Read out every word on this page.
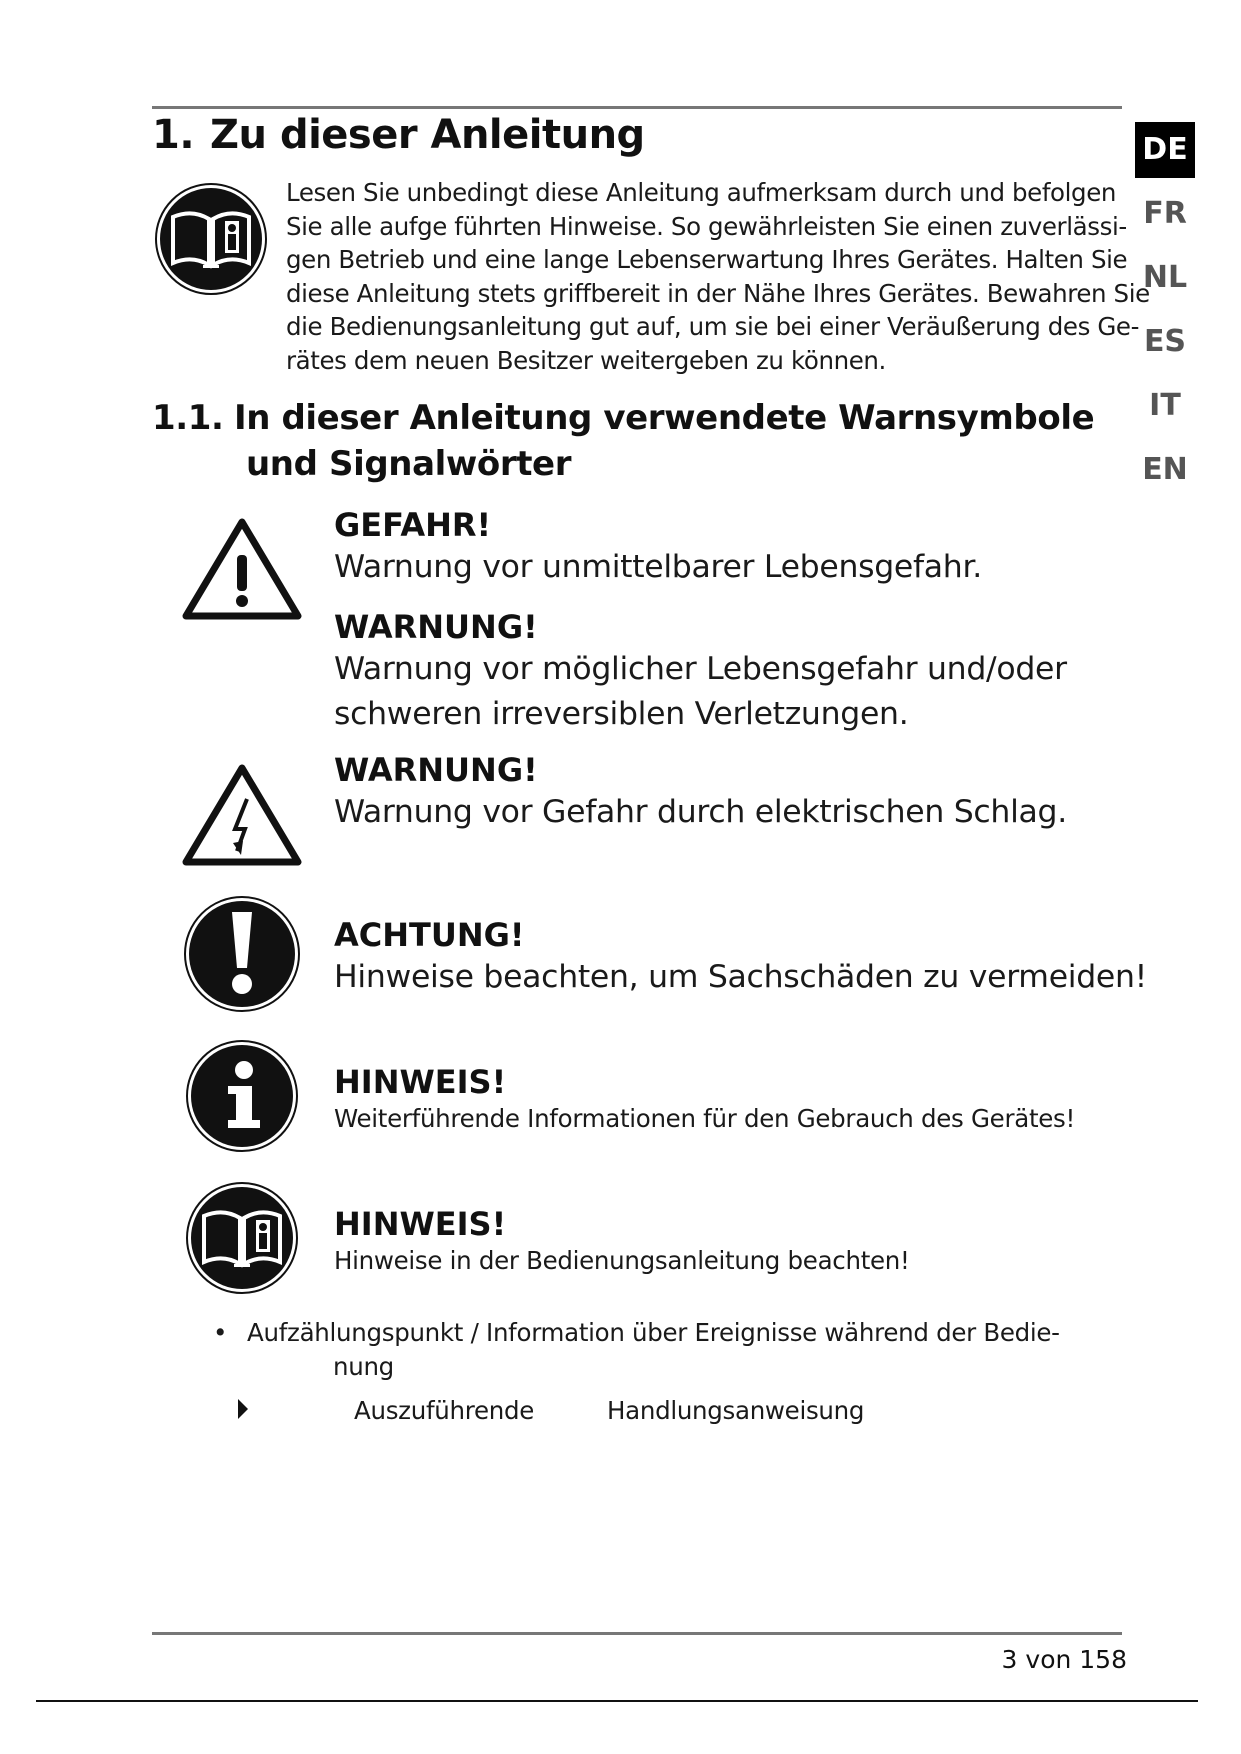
1. Zu dieser Anleitung
Lesen Sie unbedingt diese Anleitung aufmerksam durch und befolgen
Sie alle aufge führten Hinweise. So gewährleisten Sie einen zuverlässi-
gen Betrieb und eine lange Lebenserwartung Ihres Gerätes. Halten Sie
diese Anleitung stets griffbereit in der Nähe Ihres Gerätes. Bewahren Sie
die Bedienungsanleitung gut auf, um sie bei einer Veräußerung des Ge-
rätes dem neuen Besitzer weitergeben zu können.
1.1. In dieser Anleitung verwendete Warnsymbole
und Signalwörter
GEFAHR!
Warnung vor unmittelbarer Lebensgefahr.
WARNUNG!
Warnung vor möglicher Lebensgefahr und/oder
schweren irreversiblen Verletzungen.
WARNUNG!
Warnung vor Gefahr durch elektrischen Schlag.
ACHTUNG!
Hinweise beachten, um Sachschäden zu vermeiden!
HINWEIS!
Weiterführende Informationen für den Gebrauch des Gerätes!
HINWEIS!
Hinweise in der Bedienungsanleitung beachten!
• Aufzählungspunkt / Information über Ereignisse während der Bedie-
nung
Auszuführende	Handlungsanweisung
DE
FR
NL
ES
IT
EN
3 von 158
